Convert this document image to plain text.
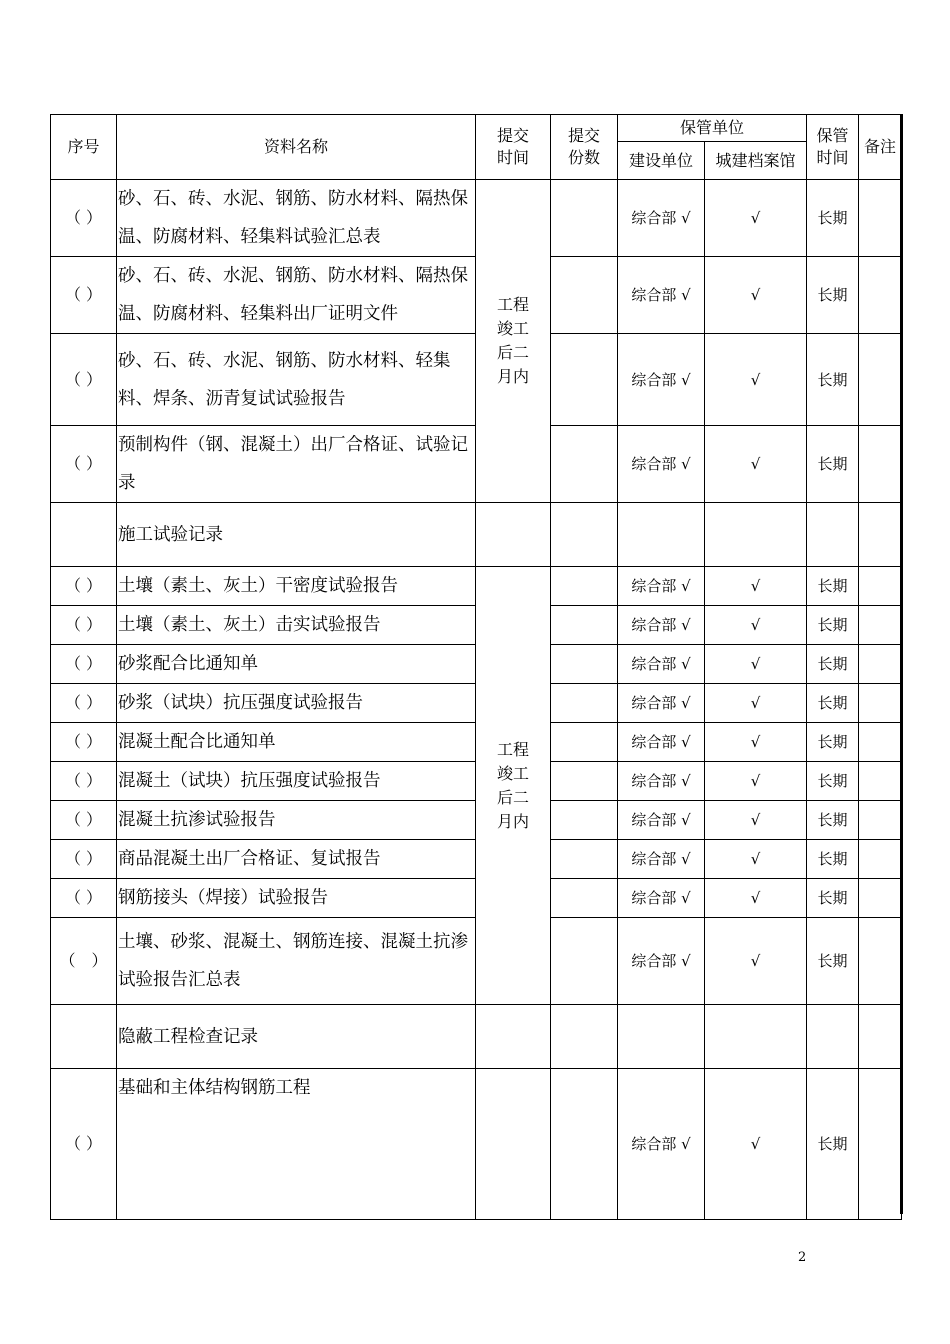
序号	资料名称	提交时间	提交份数	保管单位		保管时间	备注
				建设单位	城建档案馆		
（ ）	砂、石、砖、水泥、钢筋、防水材料、隔热保温、防腐材料、轻集料试验汇总表	工程竣工后二月内		综合部 √	√	长期	
（ ）	砂、石、砖、水泥、钢筋、防水材料、隔热保温、防腐材料、轻集料出厂证明文件			综合部 √	√	长期	
（ ）	砂、石、砖、水泥、钢筋、防水材料、轻集料、焊条、沥青复试试验报告			综合部 √	√	长期	
（ ）	预制构件（钢、混凝土）出厂合格证、试验记录			综合部 √	√	长期	
	施工试验记录						
（ ）	土壤（素土、灰土）干密度试验报告	工程竣工后二月内		综合部 √	√	长期	
（ ）	土壤（素土、灰土）击实试验报告			综合部 √	√	长期	
（ ）	砂浆配合比通知单			综合部 √	√	长期	
（ ）	砂浆（试块）抗压强度试验报告			综合部 √	√	长期	
（ ）	混凝土配合比通知单			综合部 √	√	长期	
（ ）	混凝土（试块）抗压强度试验报告			综合部 √	√	长期	
（ ）	混凝土抗渗试验报告			综合部 √	√	长期	
（ ）	商品混凝土出厂合格证、复试报告			综合部 √	√	长期	
（ ）	钢筋接头（焊接）试验报告			综合部 √	√	长期	
（　）	土壤、砂浆、混凝土、钢筋连接、混凝土抗渗试验报告汇总表			综合部 √	√	长期	
	隐蔽工程检查记录						
（ ）	基础和主体结构钢筋工程			综合部 √	√	长期	
2
